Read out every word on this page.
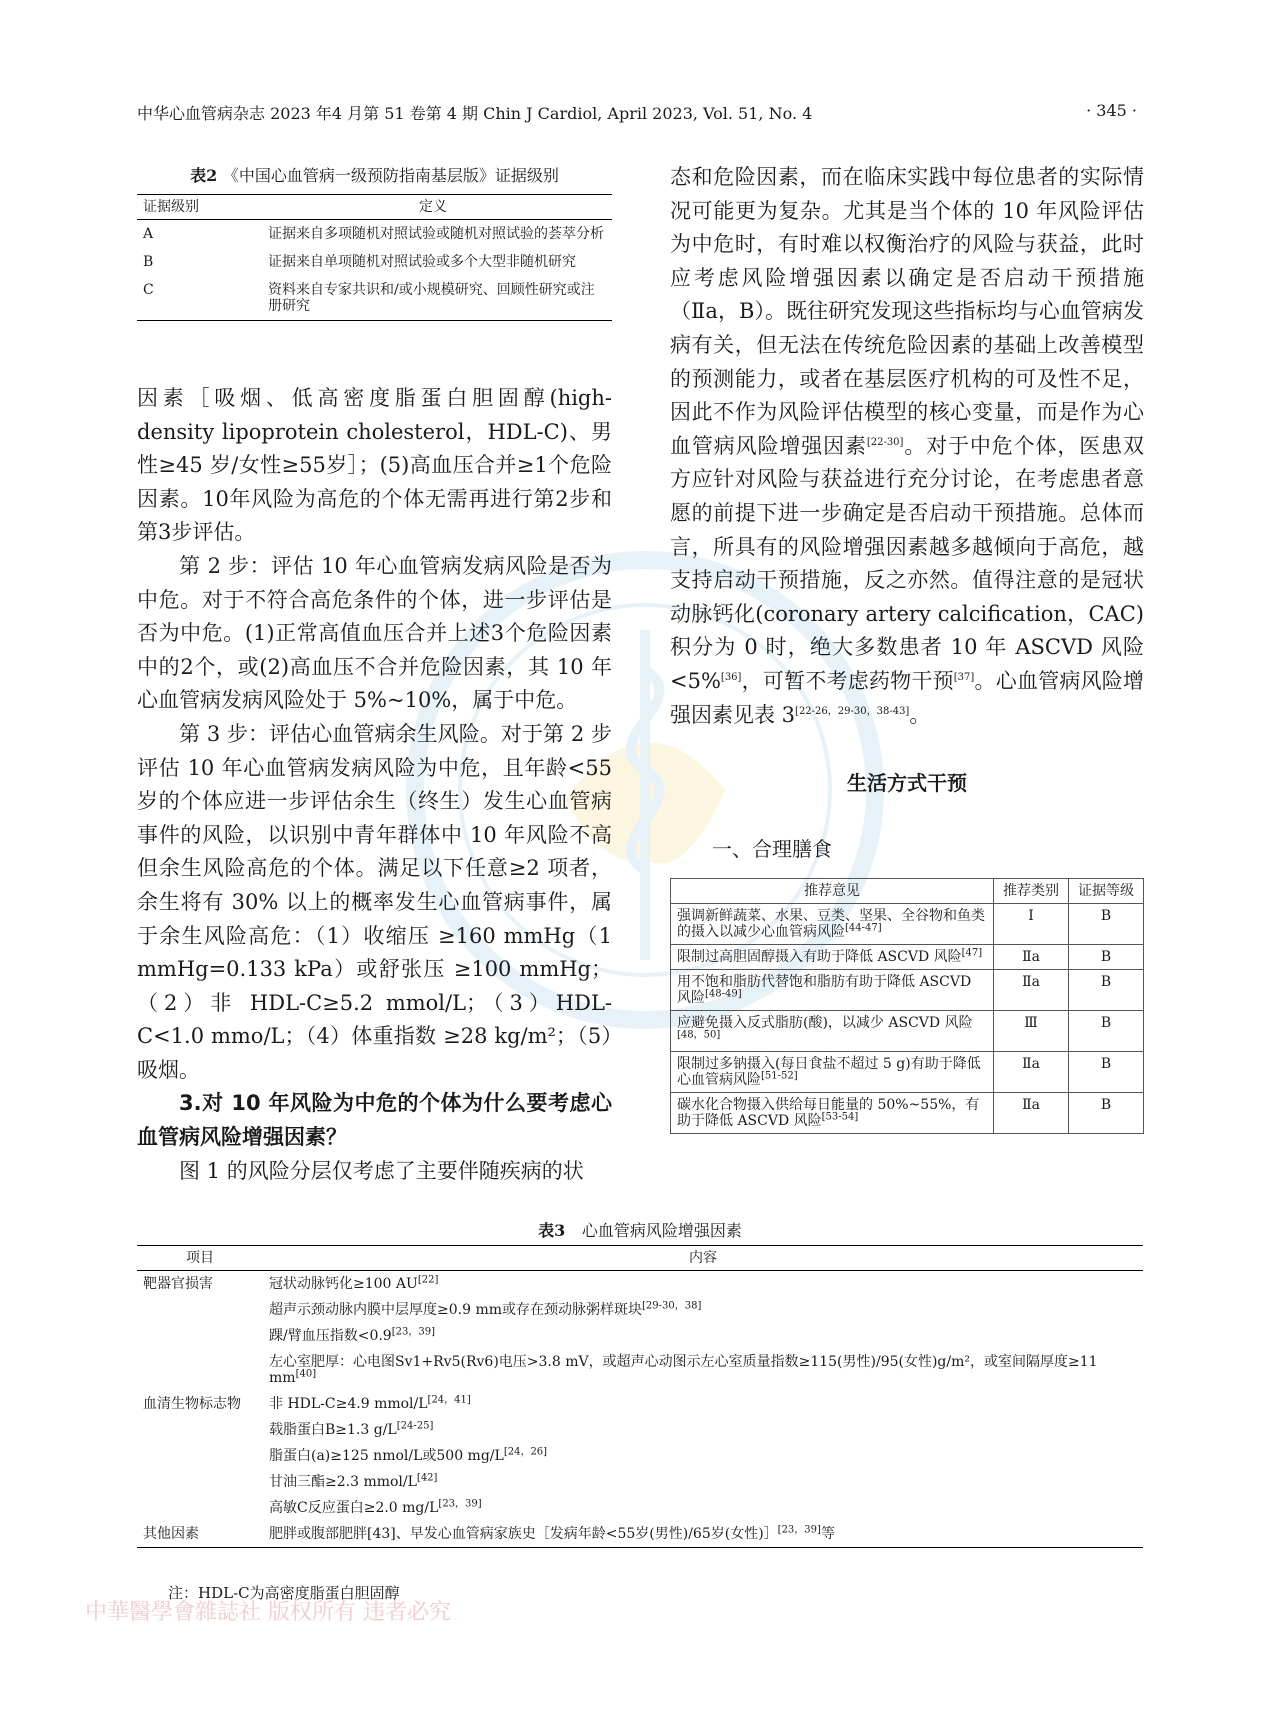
中华心血管病杂志 2023 年4 月第 51 卷第 4 期 Chin J Cardiol, April 2023, Vol. 51, No. 4	· 345 ·
表2 《中国心血管病一级预防指南基层版》证据级别
证据级别	定义
A	证据来自多项随机对照试验或随机对照试验的荟萃分析
B	证据来自单项随机对照试验或多个大型非随机研究
C	资料来自专家共识和/或小规模研究、回顾性研究或注册研究

因素［吸烟、低高密度脂蛋白胆固醇(high-density lipoprotein cholesterol，HDL-C)、男性≥45 岁/女性≥55岁］；(5)高血压合并≥1个危险因素。10年风险为高危的个体无需再进行第2步和第3步评估。

第 2 步：评估 10 年心血管病发病风险是否为中危。对于不符合高危条件的个体，进一步评估是否为中危。(1)正常高值血压合并上述3个危险因素中的2个，或(2)高血压不合并危险因素，其 10 年心血管病发病风险处于 5%~10%，属于中危。

第 3 步：评估心血管病余生风险。对于第 2 步评估 10 年心血管病发病风险为中危，且年龄<55 岁的个体应进一步评估余生（终生）发生心血管病事件的风险，以识别中青年群体中 10 年风险不高但余生风险高危的个体。满足以下任意≥2 项者，余生将有 30% 以上的概率发生心血管病事件，属于余生风险高危：（1）收缩压 ≥160 mmHg（1 mmHg=0.133 kPa）或舒张压 ≥100 mmHg；（2）非 HDL-C≥5.2 mmol/L；（3）HDL-C<1.0 mmo/L；（4）体重指数 ≥28 kg/m²；（5）吸烟。

3.对 10 年风险为中危的个体为什么要考虑心血管病风险增强因素？

图 1 的风险分层仅考虑了主要伴随疾病的状

态和危险因素，而在临床实践中每位患者的实际情况可能更为复杂。尤其是当个体的 10 年风险评估为中危时，有时难以权衡治疗的风险与获益，此时应考虑风险增强因素以确定是否启动干预措施（Ⅱa，B）。既往研究发现这些指标均与心血管病发病有关，但无法在传统危险因素的基础上改善模型的预测能力，或者在基层医疗机构的可及性不足，因此不作为风险评估模型的核心变量，而是作为心血管病风险增强因素[22-30]。对于中危个体，医患双方应针对风险与获益进行充分讨论，在考虑患者意愿的前提下进一步确定是否启动干预措施。总体而言，所具有的风险增强因素越多越倾向于高危，越支持启动干预措施，反之亦然。值得注意的是冠状动脉钙化(coronary artery calcification，CAC)积分为 0 时，绝大多数患者 10 年 ASCVD 风险 <5%[36]，可暂不考虑药物干预[37]。心血管病风险增强因素见表 3[22-26，29-30，38-43]。

生活方式干预
一、合理膳食
推荐意见	推荐类别	证据等级
强调新鲜蔬菜、水果、豆类、坚果、全谷物和鱼类的摄入以减少心血管病风险[44-47]	Ⅰ	B
限制过高胆固醇摄入有助于降低 ASCVD 风险[47]	Ⅱa	B
用不饱和脂肪代替饱和脂肪有助于降低 ASCVD 风险[48-49]	Ⅱa	B
应避免摄入反式脂肪(酸)，以减少 ASCVD 风险[48，50]	Ⅲ	B
限制过多钠摄入(每日食盐不超过 5 g)有助于降低心血管病风险[51-52]	Ⅱa	B
碳水化合物摄入供给每日能量的 50%~55%，有助于降低 ASCVD 风险[53-54]	Ⅱa	B
表3 心血管病风险增强因素
项目	内容
靶器官损害	冠状动脉钙化≥100 AU[22]
	超声示颈动脉内膜中层厚度≥0.9 mm或存在颈动脉粥样斑块[29-30，38]
	踝/臂血压指数<0.9[23，39]
	左心室肥厚：心电图Sv1+Rv5(Rv6)电压>3.8 mV，或超声心动图示左心室质量指数≥115(男性)/95(女性)g/m²，或室间隔厚度≥11 mm[40]
血清生物标志物	非 HDL-C≥4.9 mmol/L[24，41]
	载脂蛋白B≥1.3 g/L[24-25]
	脂蛋白(a)≥125 nmol/L或500 mg/L[24，26]
	甘油三酯≥2.3 mmol/L[42]
	高敏C反应蛋白≥2.0 mg/L[23，39]
其他因素	肥胖或腹部肥胖[43]、早发心血管病家族史［发病年龄<55岁(男性)/65岁(女性)］[23，39]等
注：HDL-C为高密度脂蛋白胆固醇
中華醫學會雜誌社 版权所有 违者必究
